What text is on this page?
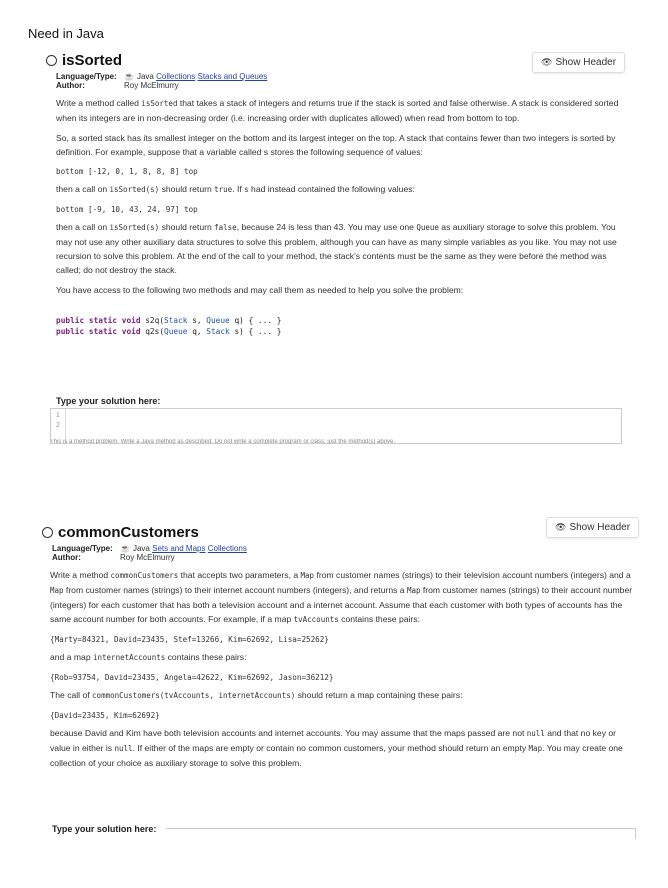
Need in Java
👁 Show Header
isSorted
Language/Type: ☕ Java Collections Stacks and Queues
Author:	Roy McElmurry
Write a method called isSorted that takes a stack of integers and returns true if the stack is sorted and false otherwise. A stack is considered sorted when its integers are in non-decreasing order (i.e. increasing order with duplicates allowed) when read from bottom to top.
So, a sorted stack has its smallest integer on the bottom and its largest integer on the top. A stack that contains fewer than two integers is sorted by definition. For example, suppose that a variable called s stores the following sequence of values:
bottom [-12, 0, 1, 8, 8, 8] top
then a call on isSorted(s) should return true. If s had instead contained the following values:
bottom [-9, 10, 43, 24, 97] top
then a call on isSorted(s) should return false, because 24 is less than 43. You may use one Queue as auxiliary storage to solve this problem. You may not use any other auxiliary data structures to solve this problem, although you can have as many simple variables as you like. You may not use recursion to solve this problem. At the end of the call to your method, the stack's contents must be the same as they were before the method was called; do not destroy the stack.
You have access to the following two methods and may call them as needed to help you solve the problem:
public static void s2q(Stack s, Queue q) { ... }
public static void q2s(Queue q, Stack s) { ... }
Type your solution here:
1
2
This is a method problem. Write a Java method as described. Do not write a complete program or class; just the method(s) above.
👁 Show Header
commonCustomers
Language/Type: ☕ Java Sets and Maps Collections
Author:	Roy McElmurry
Write a method commonCustomers that accepts two parameters, a Map from customer names (strings) to their television account numbers (integers) and a Map from customer names (strings) to their internet account numbers (integers), and returns a Map from customer names (strings) to their account number (integers) for each customer that has both a television account and a internet account. Assume that each customer with both types of accounts has the same account number for both accounts. For example, if a map tvAccounts contains these pairs:
{Marty=84321, David=23435, Stef=13266, Kim=62692, Lisa=25262}
and a map internetAccounts contains these pairs:
{Rob=93754, David=23435, Angela=42622, Kim=62692, Jason=36212}
The call of commonCustomers(tvAccounts, internetAccounts) should return a map containing these pairs:
{David=23435, Kim=62692}
because David and Kim have both television accounts and internet accounts. You may assume that the maps passed are not null and that no key or value in either is null. If either of the maps are empty or contain no common customers, your method should return an empty Map. You may create one collection of your choice as auxiliary storage to solve this problem.
Type your solution here:
